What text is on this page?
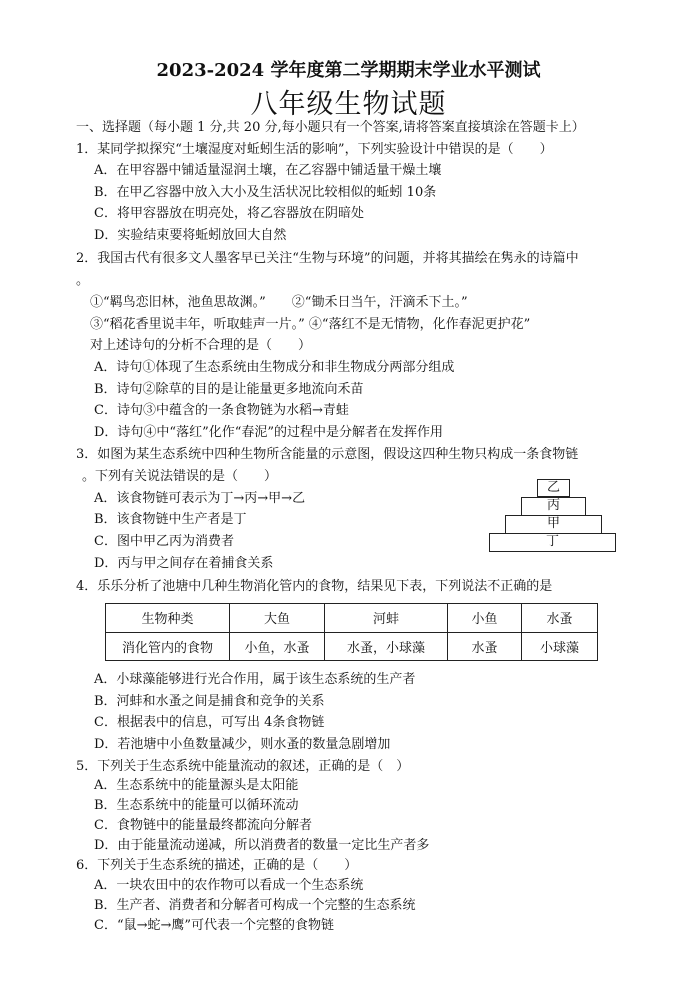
2023-2024 学年度第二学期期末学业水平测试
八年级生物试题
一、选择题（每小题 1 分,共 20 分,每小题只有一个答案,请将答案直接填涂在答题卡上）
1．某同学拟探究“土壤湿度对蚯蚓生活的影响”，下列实验设计中错误的是（　　）
A．在甲容器中铺适量湿润土壤，在乙容器中铺适量干燥土壤
B．在甲乙容器中放入大小及生活状况比较相似的蚯蚓 10条
C．将甲容器放在明亮处，将乙容器放在阴暗处
D．实验结束要将蚯蚓放回大自然
2．我国古代有很多文人墨客早已关注“生物与环境”的问题，并将其描绘在隽永的诗篇中
。
①“羁鸟恋旧林，池鱼思故渊。”　　②“锄禾日当午，汗滴禾下土。”
③“稻花香里说丰年，听取蛙声一片。” ④“落红不是无情物，化作春泥更护花”
对上述诗句的分析不合理的是（　　）
A．诗句①体现了生态系统由生物成分和非生物成分两部分组成
B．诗句②除草的目的是让能量更多地流向禾苗
C．诗句③中蕴含的一条食物链为水稻→青蛙
D．诗句④中“落红”化作“春泥”的过程中是分解者在发挥作用
3．如图为某生态系统中四种生物所含能量的示意图，假设这四种生物只构成一条食物链
。下列有关说法错误的是（　　）
A．该食物链可表示为丁→丙→甲→乙
B．该食物链中生产者是丁
C．图中甲乙丙为消费者
D．丙与甲之间存在着捕食关系
乙
丙
甲
丁
4．乐乐分析了池塘中几种生物消化管内的食物，结果见下表，下列说法不正确的是
生物种类	大鱼	河蚌	小鱼	水蚤
消化管内的食物	小鱼，水蚤	水蚤，小球藻	水蚤	小球藻
A．小球藻能够进行光合作用，属于该生态系统的生产者
B．河蚌和水蚤之间是捕食和竞争的关系
C．根据表中的信息，可写出 4条食物链
D．若池塘中小鱼数量减少，则水蚤的数量急剧增加
5．下列关于生态系统中能量流动的叙述，正确的是（　）
A．生态系统中的能量源头是太阳能
B．生态系统中的能量可以循环流动
C．食物链中的能量最终都流向分解者
D．由于能量流动递减，所以消费者的数量一定比生产者多
6．下列关于生态系统的描述，正确的是（　　）
A．一块农田中的农作物可以看成一个生态系统
B．生产者、消费者和分解者可构成一个完整的生态系统
C．“鼠→蛇→鹰”可代表一个完整的食物链
